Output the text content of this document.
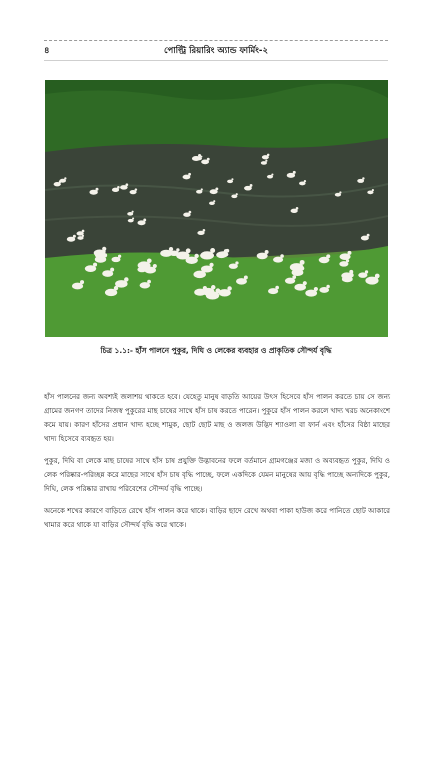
৪	পোল্ট্রি রিয়ারিং অ্যান্ড ফার্মিং-২
চিত্র ১.১:- হাঁস পালনে পুকুর, দিঘি ও লেকের ব্যবহার ও প্রাকৃতিক সৌন্দর্য বৃদ্ধি

হাঁস পালনের জন্য অবশ্যই জলাশয় থাকতে হবে। যেহেতু মানুষ বাড়তি আয়ের উৎস হিসেবে হাঁস পালন করতে চায় সে জন্য গ্রামের জনগণ তাদের নিজস্ব পুকুরের মাছ চাষের সাথে হাঁস চাষ করতে পারেন। পুকুরে হাঁস পালন করলে খাদ্য খরচ অনেকাংশে কমে যায়। কারণ হাঁসের প্রধান খাদ্য হচ্ছে শামুক, ছোট ছোট মাছ ও জলজ উদ্ভিদ শ্যাওলা বা ফার্ন এবং হাঁসের বিষ্ঠা মাছের খাদ্য হিসেবে ব্যবহৃত হয়।

পুকুর, দিঘি বা লেকে মাছ চাষের সাথে হাঁস চাষ প্রযুক্তি উদ্ভাবনের ফলে বর্তমানে গ্রামগঞ্জের মজা ও অব্যবহৃত পুকুর, দিঘি ও লেক পরিষ্কার-পরিচ্ছন্ন করে মাছের সাথে হাঁস চাষ বৃদ্ধি পাচ্ছে, ফলে একদিকে যেমন মানুষের আয় বৃদ্ধি পাচ্ছে অন্যদিকে পুকুর, দিঘি, লেক পরিষ্কার রাখায় পরিবেশের সৌন্দর্য বৃদ্ধি পাচ্ছে।

অনেকে শখের কারণে বাড়িতে রেখে হাঁস পালন করে থাকে। বাড়ির ছাদে রেখে অথবা পাকা হাউজ করে পানিতে ছোট আকারে খামার করে থাকে যা বাড়ির সৌন্দর্য বৃদ্ধি করে থাকে।
